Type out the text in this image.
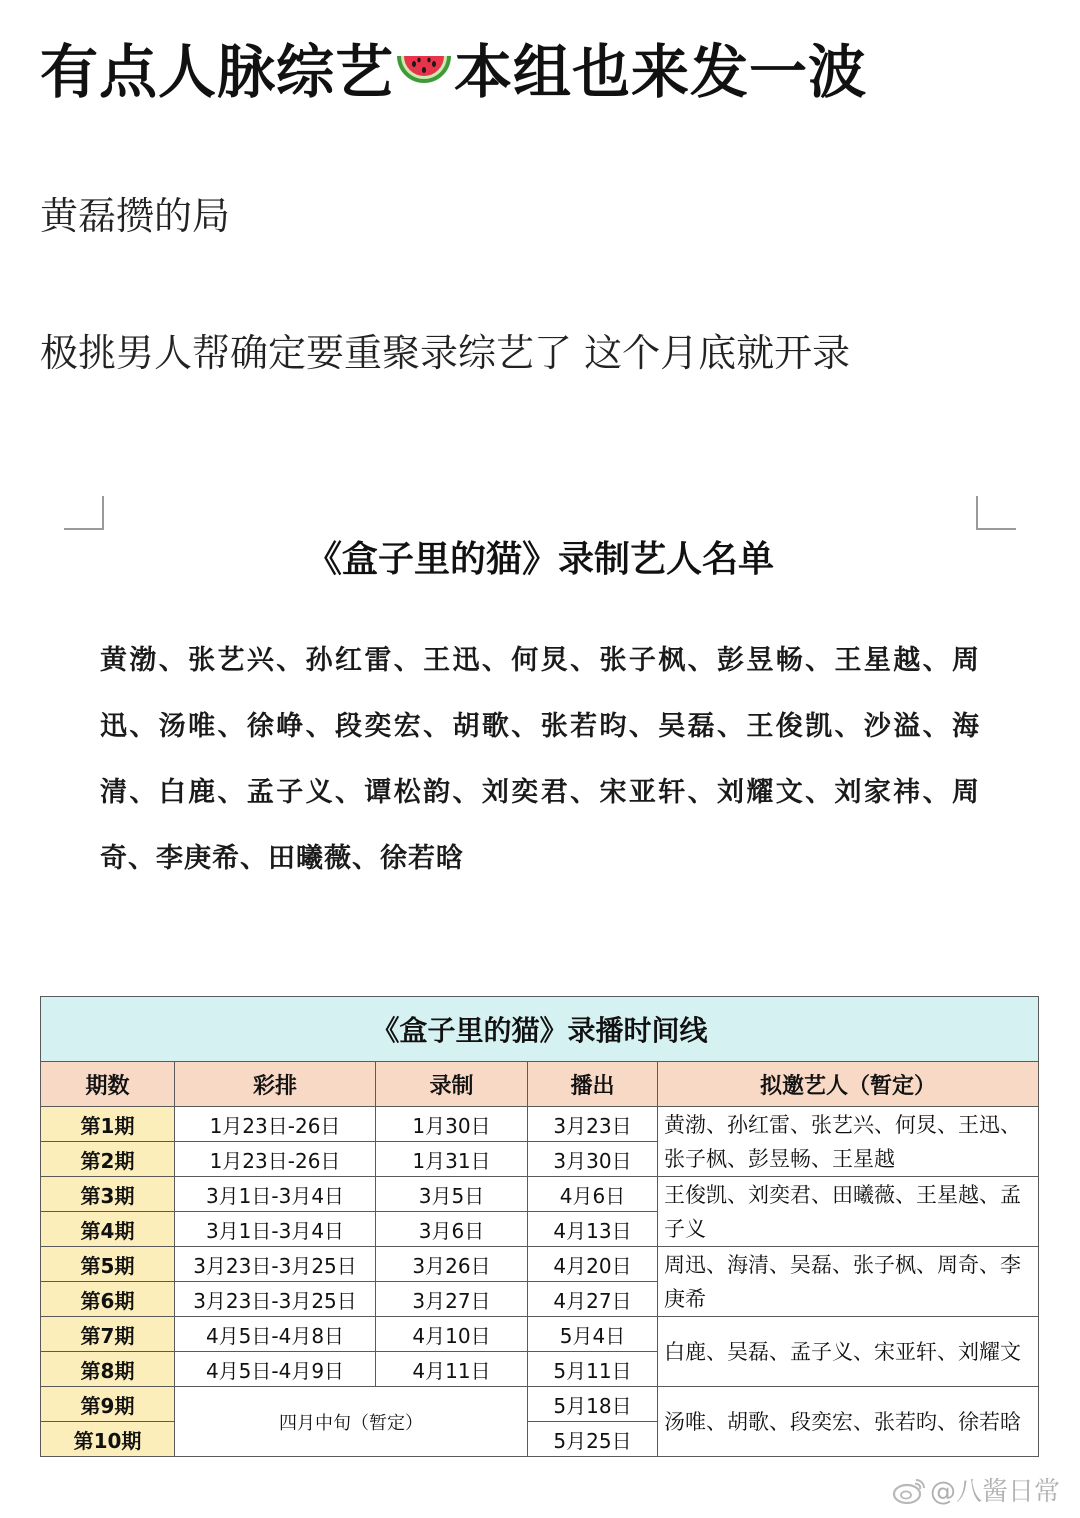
有点人脉综艺 本组也来发一波
黄磊攒的局
极挑男人帮确定要重聚录综艺了 这个月底就开录
《盒子里的猫》录制艺人名单
黄渤、张艺兴、孙红雷、王迅、何炅、张子枫、彭昱畅、王星越、周迅、汤唯、徐峥、段奕宏、胡歌、张若昀、吴磊、王俊凯、沙溢、海清、白鹿、孟子义、谭松韵、刘奕君、宋亚轩、刘耀文、刘家祎、周奇、李庚希、田曦薇、徐若晗
《盒子里的猫》录播时间线				
期数	彩排	录制	播出	拟邀艺人（暂定）
第1期	1月23日-26日	1月30日	3月23日	黄渤、孙红雷、张艺兴、何炅、王迅、张子枫、彭昱畅、王星越
第2期	1月23日-26日	1月31日	3月30日	
第3期	3月1日-3月4日	3月5日	4月6日	王俊凯、刘奕君、田曦薇、王星越、孟子义
第4期	3月1日-3月4日	3月6日	4月13日	
第5期	3月23日-3月25日	3月26日	4月20日	周迅、海清、吴磊、张子枫、周奇、李庚希
第6期	3月23日-3月25日	3月27日	4月27日	
第7期	4月5日-4月8日	4月10日	5月4日	白鹿、吴磊、孟子义、宋亚轩、刘耀文
第8期	4月5日-4月9日	4月11日	5月11日	
第9期	四月中旬（暂定）		5月18日	汤唯、胡歌、段奕宏、张若昀、徐若晗
第10期			5月25日	
@八酱日常
